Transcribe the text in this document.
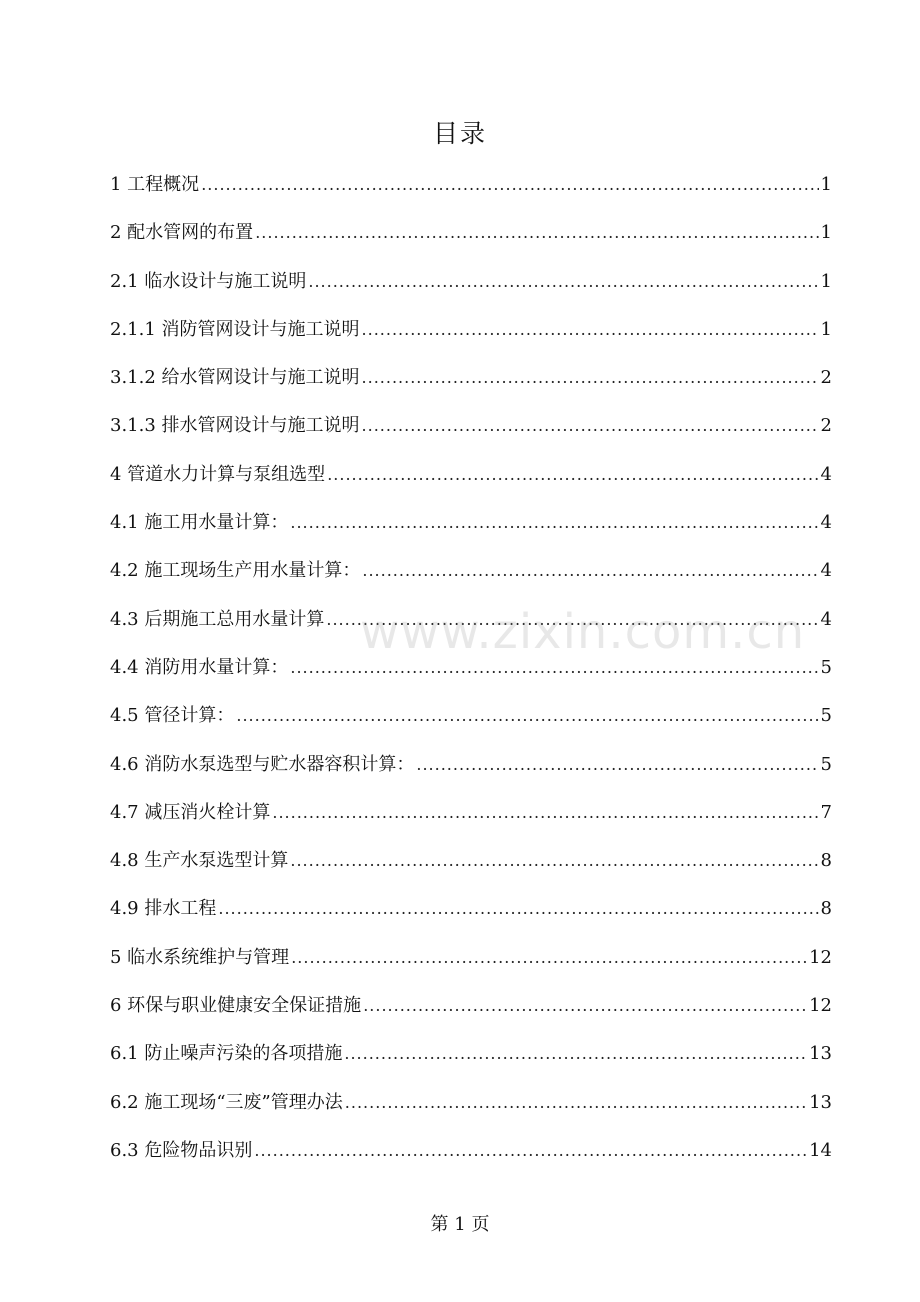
目录
1 工程概况 .....	1
2 配水管网的布置 .....	1
2.1 临水设计与施工说明 .....	1
2.1.1 消防管网设计与施工说明 .....	1
3.1.2 给水管网设计与施工说明 .....	2
3.1.3 排水管网设计与施工说明 .....	2
4 管道水力计算与泵组选型 .....	4
4.1 施工用水量计算： .....	4
4.2 施工现场生产用水量计算： .....	4
4.3 后期施工总用水量计算 .....	4
4.4 消防用水量计算： .....	5
4.5 管径计算： .....	5
4.6 消防水泵选型与贮水器容积计算： .....	5
4.7 减压消火栓计算 .....	7
4.8 生产水泵选型计算 .....	8
4.9 排水工程 .....	8
5 临水系统维护与管理 .....	12
6 环保与职业健康安全保证措施 .....	12
6.1 防止噪声污染的各项措施 .....	13
6.2 施工现场“三废”管理办法 .....	13
6.3 危险物品识别 .....	14
www.zixin.com.cn
第 1 页
